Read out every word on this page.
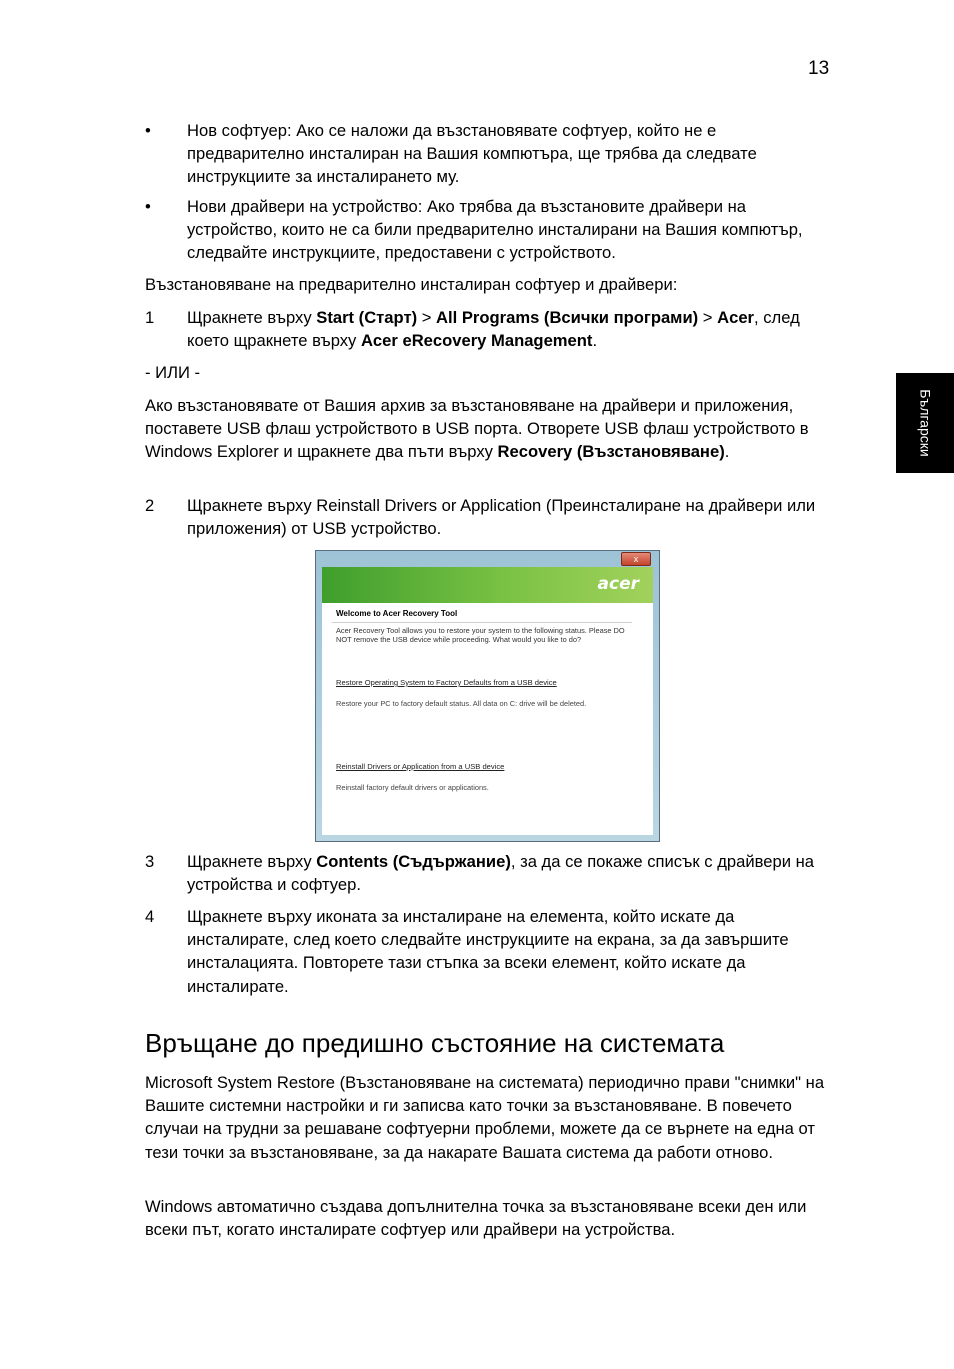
13
Български
•	Нов софтуер: Ако се наложи да възстановявате софтуер, който не е предварително инсталиран на Вашия компютъра, ще трябва да следвате инструкциите за инсталирането му.
•	Нови драйвери на устройство: Ако трябва да възстановите драйвери на устройство, които не са били предварително инсталирани на Вашия компютър, следвайте инструкциите, предоставени с устройството.

Възстановяване на предварително инсталиран софтуер и драйвери:

1	Щракнете върху Start (Старт) > All Programs (Всички програми) > Acer, след което щракнете върху Acer eRecovery Management.

- ИЛИ -

Ако възстановявате от Вашия архив за възстановяване на драйвери и приложения, поставете USB флаш устройството в USB порта. Отворете USB флаш устройството в Windows Explorer и щракнете два пъти върху Recovery (Възстановяване).

2	Щракнете върху Reinstall Drivers or Application (Преинсталиране на драйвери или приложения) от USB устройство.
x
acer
Welcome to Acer Recovery Tool
Acer Recovery Tool allows you to restore your system to the following status. Please DO NOT remove the USB device while proceeding. What would you like to do?
Restore Operating System to Factory Defaults from a USB device
Restore your PC to factory default status. All data on C: drive will be deleted.
Reinstall Drivers or Application from a USB device
Reinstall factory default drivers or applications.
3	Щракнете върху Contents (Съдържание), за да се покаже списък с драйвери на устройства и софтуер.
4	Щракнете върху иконата за инсталиране на елемента, който искате да инсталирате, след което следвайте инструкциите на екрана, за да завършите инсталацията. Повторете тази стъпка за всеки елемент, който искате да инсталирате.
Връщане до предишно състояние на системата

Microsoft System Restore (Възстановяване на системата) периодично прави "снимки" на Вашите системни настройки и ги записва като точки за възстановяване. В повечето случаи на трудни за решаване софтуерни проблеми, можете да се върнете на една от тези точки за възстановяване, за да накарате Вашата система да работи отново.

Windows автоматично създава допълнителна точка за възстановяване всеки ден или всеки път, когато инсталирате софтуер или драйвери на устройства.
